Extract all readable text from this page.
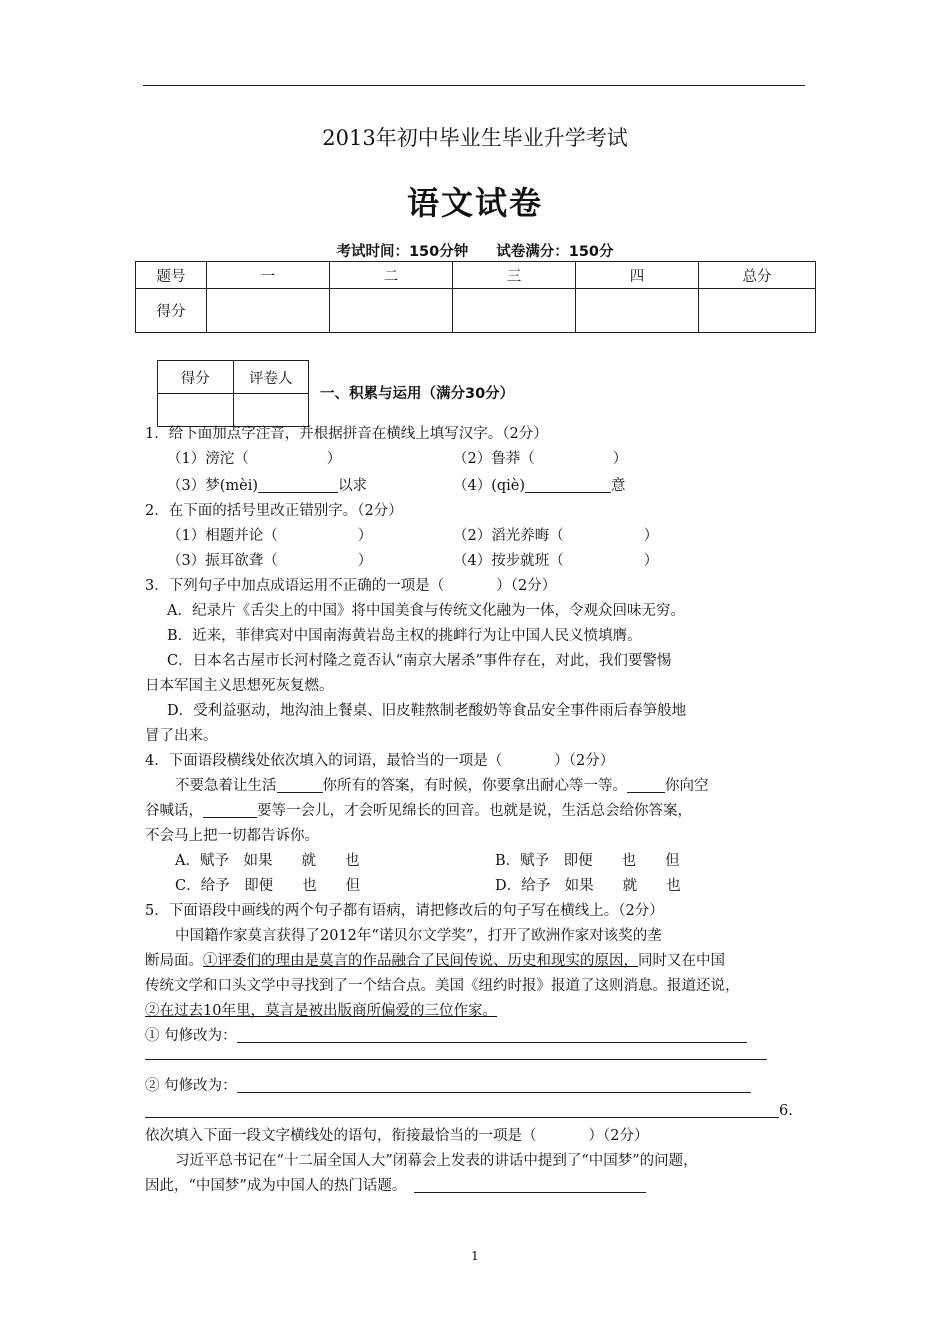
2013年初中毕业生毕业升学考试
语文试卷
考试时间：150分钟 试卷满分：150分
题号	一	二	三	四	总分
得分					
得分	评卷人

一、积累与运用（满分30分）
1．给下面加点字注音，并根据拼音在横线上填写汉字。（2分）
（1）滂沱（	）	（2）鲁莽（	）
（3）梦(mèi)	以求	（4）(qiè)	意
2．在下面的括号里改正错别字。（2分）
（1）相题并论（	）	（2）滔光养晦（	）
（3）振耳欲聋（	）	（4）按步就班（	）
3．下列句子中加点成语运用不正确的一项是（	）（2分）
A．纪录片《舌尖上的中国》将中国美食与传统文化融为一体，令观众回味无穷。
B．近来，菲律宾对中国南海黄岩岛主权的挑衅行为让中国人民义愤填膺。
C．日本名古屋市长河村隆之竟否认“南京大屠杀”事件存在，对此，我们要警惕
日本军国主义思想死灰复燃。
D．受利益驱动，地沟油上餐桌、旧皮鞋熬制老酸奶等食品安全事件雨后春笋般地
冒了出来。
4．下面语段横线处依次填入的词语，最恰当的一项是（	）（2分）
不要急着让生活	你所有的答案，有时候，你要拿出耐心等一等。	你向空
谷喊话，	要等一会儿，才会听见绵长的回音。也就是说，生活总会给你答案，
不会马上把一切都告诉你。
A．赋予　如果　　就　　也	B．赋予　即便　　也　　但
C．给予　即便　　也　　但	D．给予　如果　　就　　也
5．下面语段中画线的两个句子都有语病，请把修改后的句子写在横线上。（2分）
中国籍作家莫言获得了2012年“诺贝尔文学奖”，打开了欧洲作家对该奖的垄
断局面。①评委们的理由是莫言的作品融合了民间传说、历史和现实的原因，同时又在中国
传统文学和口头文学中寻找到了一个结合点。美国《纽约时报》报道了这则消息。报道还说，
②在过去10年里，莫言是被出版商所偏爱的三位作家。
① 句修改为：
② 句修改为：
6.
依次填入下面一段文字横线处的语句，衔接最恰当的一项是（	）（2分）
习近平总书记在“十二届全国人大”闭幕会上发表的讲话中提到了“中国梦”的问题，
因此，“中国梦”成为中国人的热门话题。
1
